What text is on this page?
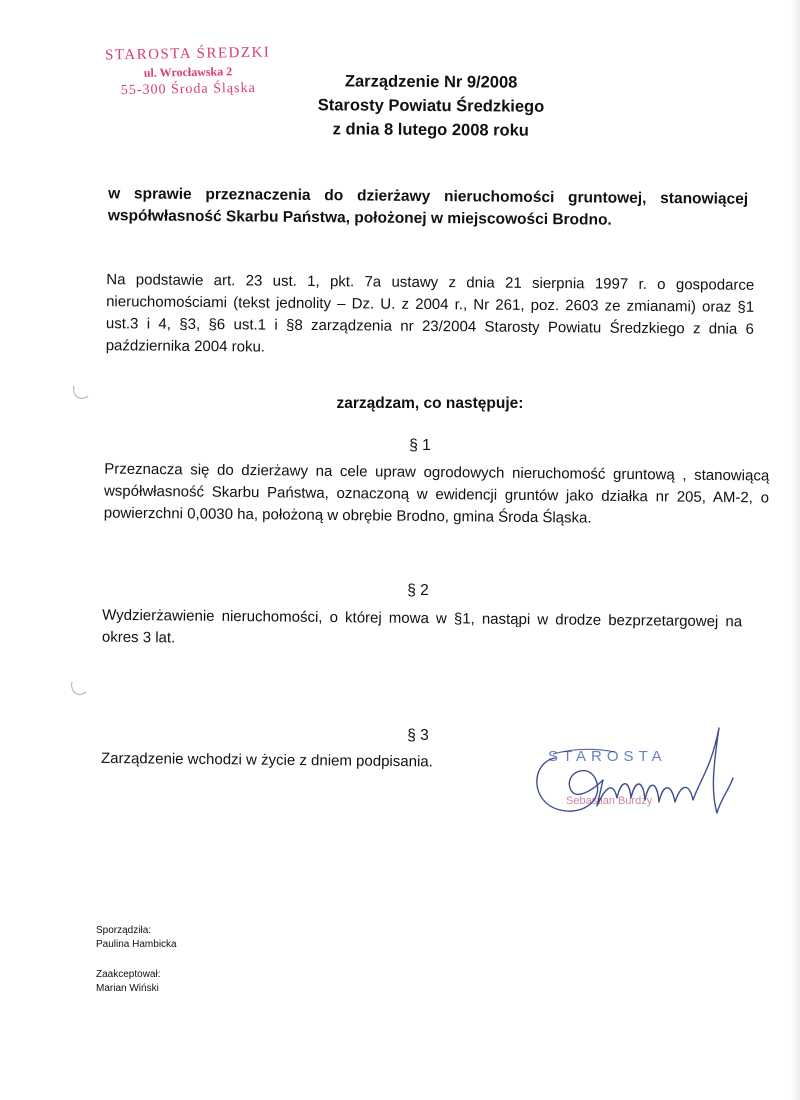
STAROSTA ŚREDZKI
ul. Wrocławska 2
55-300 Środa Śląska	Zarządzenie Nr 9/2008
Starosty Powiatu Średzkiego
z dnia 8 lutego 2008 roku
w sprawie przeznaczenia do dzierżawy nieruchomości gruntowej, stanowiącej współwłasność Skarbu Państwa, położonej w miejscowości Brodno.
Na podstawie art. 23 ust. 1, pkt. 7a ustawy z dnia 21 sierpnia 1997 r. o gospodarce nieruchomościami (tekst jednolity – Dz. U. z 2004 r., Nr 261, poz. 2603 ze zmianami) oraz §1 ust.3 i 4, §3, §6 ust.1 i §8 zarządzenia nr 23/2004 Starosty Powiatu Średzkiego z dnia 6 października 2004 roku.
zarządzam, co następuje:
§ 1
Przeznacza się do dzierżawy na cele upraw ogrodowych nieruchomość gruntową , stanowiącą współwłasność Skarbu Państwa, oznaczoną w ewidencji gruntów jako działka nr 205, AM-2, o powierzchni 0,0030 ha, położoną w obrębie Brodno, gmina Środa Śląska.
§ 2
Wydzierżawienie nieruchomości, o której mowa w §1, nastąpi w drodze bezprzetargowej na okres 3 lat.
§ 3
Zarządzenie wchodzi w życie z dniem podpisania.	STAROSTA
Sebastian Burdzy
Sporządziła:
Paulina Hambicka
Zaakceptował:
Marian Wiński
